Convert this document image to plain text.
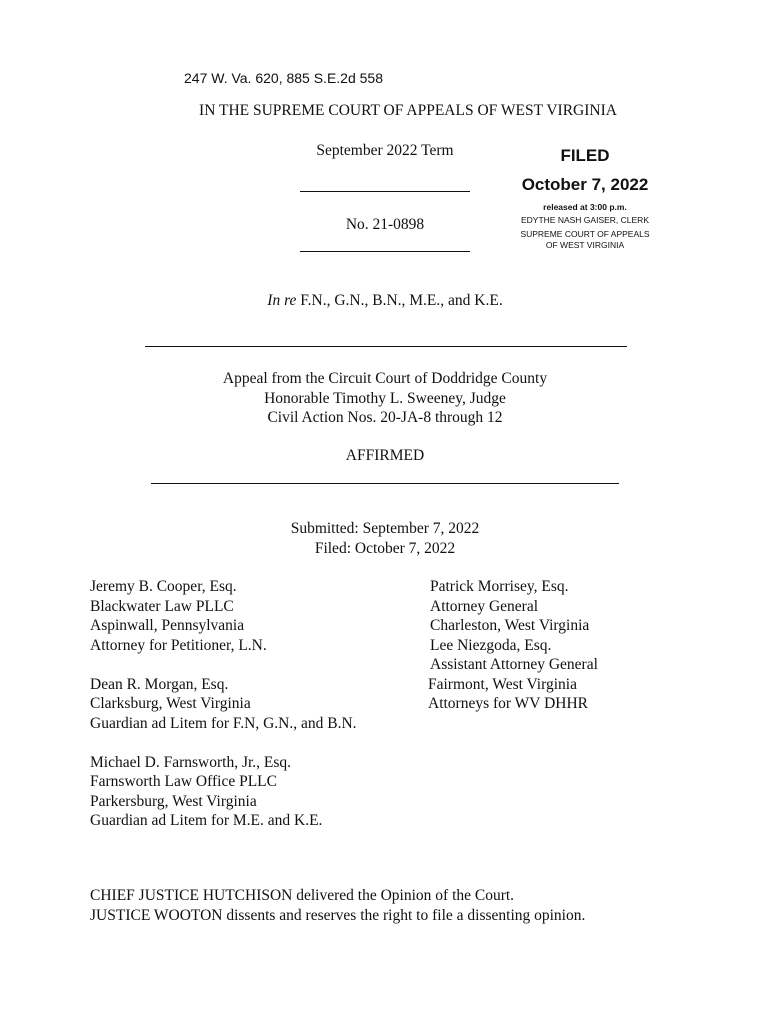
247 W. Va. 620, 885 S.E.2d 558
IN THE SUPREME COURT OF APPEALS OF WEST VIRGINIA
September 2022 Term
No. 21-0898
FILED
October 7, 2022
released at 3:00 p.m.
EDYTHE NASH GAISER, CLERK
SUPREME COURT OF APPEALS
OF WEST VIRGINIA
In re F.N., G.N., B.N., M.E., and K.E.
Appeal from the Circuit Court of Doddridge County
Honorable Timothy L. Sweeney, Judge
Civil Action Nos. 20-JA-8 through 12
AFFIRMED
Submitted: September 7, 2022
Filed: October 7, 2022
Jeremy B. Cooper, Esq.
Blackwater Law PLLC
Aspinwall, Pennsylvania
Attorney for Petitioner, L.N.
Dean R. Morgan, Esq.
Clarksburg, West Virginia
Guardian ad Litem for F.N, G.N., and B.N.
Michael D. Farnsworth, Jr., Esq.
Farnsworth Law Office PLLC
Parkersburg, West Virginia
Guardian ad Litem for M.E. and K.E.
Patrick Morrisey, Esq.
Attorney General
Charleston, West Virginia
Lee Niezgoda, Esq.
Assistant Attorney General
Fairmont, West Virginia
Attorneys for WV DHHR
CHIEF JUSTICE HUTCHISON delivered the Opinion of the Court.
JUSTICE WOOTON dissents and reserves the right to file a dissenting opinion.
